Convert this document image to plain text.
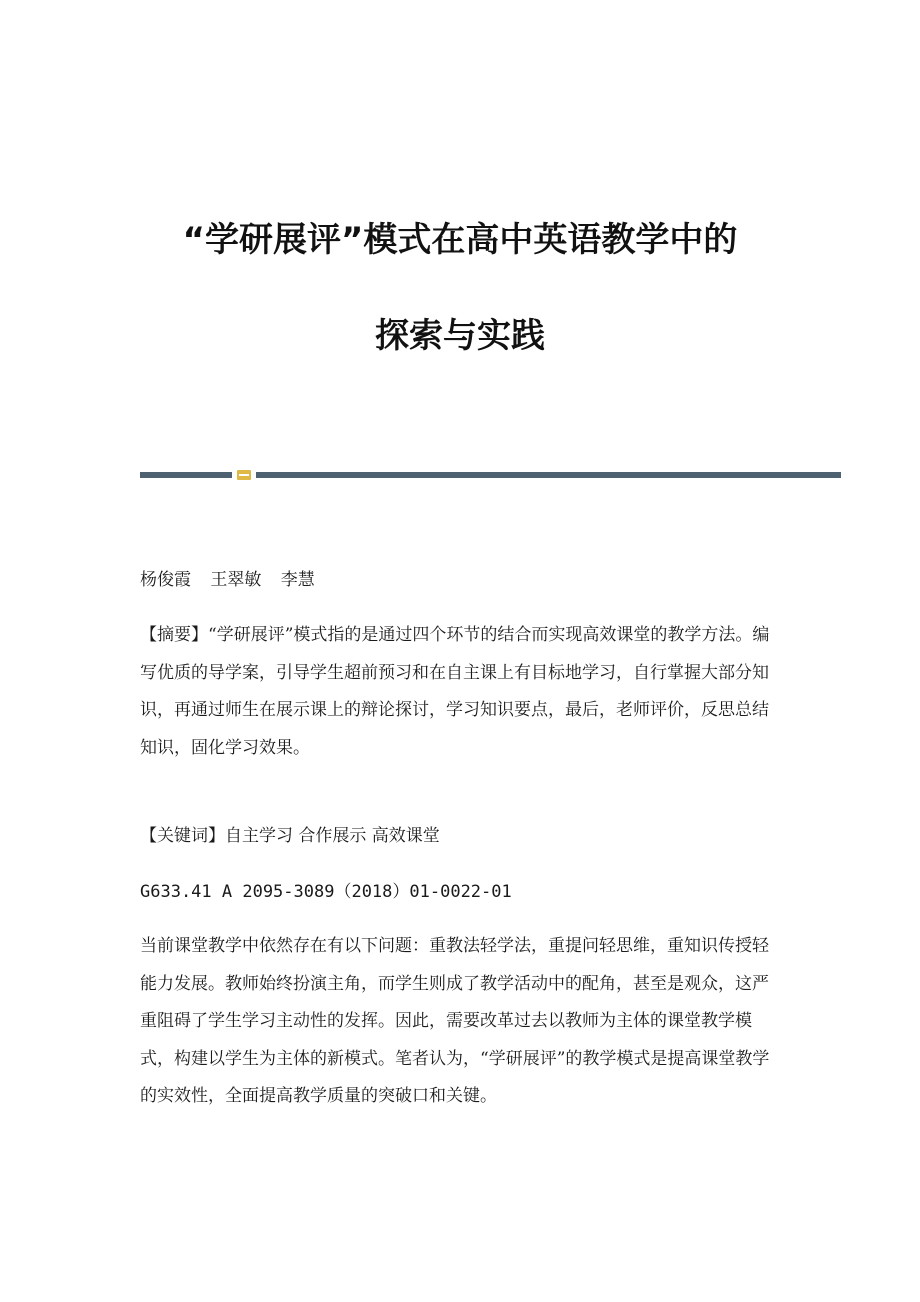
“学研展评”模式在高中英语教学中的
探索与实践

杨俊霞 王翠敏 李慧

【摘要】“学研展评”模式指的是通过四个环节的结合而实现高效课堂的教学方法。编写优质的导学案，引导学生超前预习和在自主课上有目标地学习，自行掌握大部分知识，再通过师生在展示课上的辩论探讨，学习知识要点，最后，老师评价，反思总结知识，固化学习效果。

【关键词】自主学习 合作展示 高效课堂

G633.41 A 2095-3089（2018）01-0022-01

当前课堂教学中依然存在有以下问题：重教法轻学法，重提问轻思维，重知识传授轻能力发展。教师始终扮演主角，而学生则成了教学活动中的配角，甚至是观众，这严重阻碍了学生学习主动性的发挥。因此，需要改革过去以教师为主体的课堂教学模式，构建以学生为主体的新模式。笔者认为，“学研展评”的教学模式是提高课堂教学的实效性，全面提高教学质量的突破口和关键。
